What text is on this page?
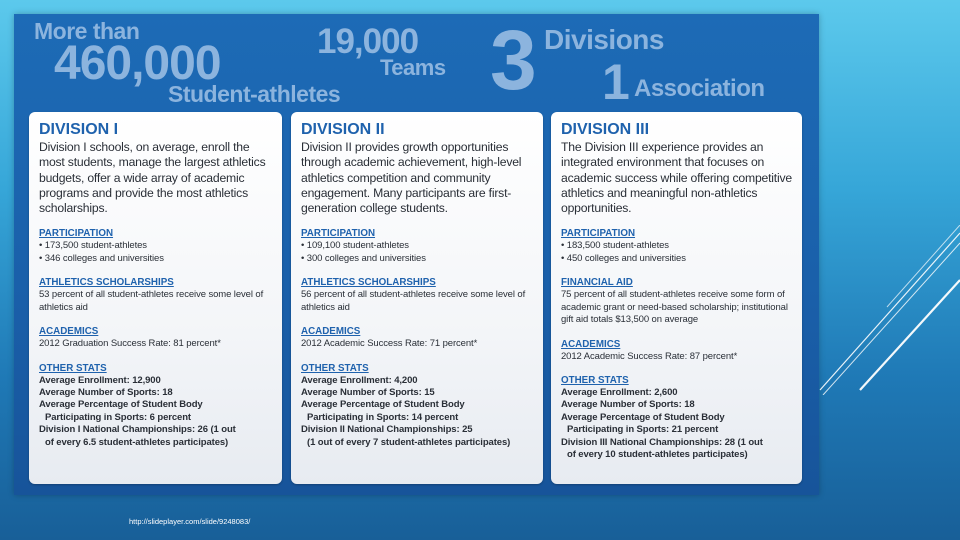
More than
460,000
Student-athletes
19,000
Teams 3 Divisions
1 Association
DIVISION I
Division I schools, on average, enroll the most students, manage the largest athletics budgets, offer a wide array of academic programs and provide the most athletics scholarships.
PARTICIPATION
• 173,500 student-athletes
• 346 colleges and universities
ATHLETICS SCHOLARSHIPS
53 percent of all student-athletes receive some level of athletics aid
ACADEMICS
2012 Graduation Success Rate: 81 percent*
OTHER STATS
Average Enrollment: 12,900
Average Number of Sports: 18
Average Percentage of Student Body
Participating in Sports: 6 percent
Division I National Championships: 26 (1 out
of every 6.5 student-athletes participates)
DIVISION II
Division II provides growth opportunities through academic achievement, high-level athletics competition and community engagement. Many participants are first-generation college students.
PARTICIPATION
• 109,100 student-athletes
• 300 colleges and universities
ATHLETICS SCHOLARSHIPS
56 percent of all student-athletes receive some level of athletics aid
ACADEMICS
2012 Academic Success Rate: 71 percent*
OTHER STATS
Average Enrollment: 4,200
Average Number of Sports: 15
Average Percentage of Student Body
Participating in Sports: 14 percent
Division II National Championships: 25
(1 out of every 7 student-athletes participates)
DIVISION III
The Division III experience provides an integrated environment that focuses on academic success while offering competitive athletics and meaningful non-athletics opportunities.
PARTICIPATION
• 183,500 student-athletes
• 450 colleges and universities
FINANCIAL AID
75 percent of all student-athletes receive some form of academic grant or need-based scholarship; institutional gift aid totals $13,500 on average
ACADEMICS
2012 Academic Success Rate: 87 percent*
OTHER STATS
Average Enrollment: 2,600
Average Number of Sports: 18
Average Percentage of Student Body
Participating in Sports: 21 percent
Division III National Championships: 28 (1 out
of every 10 student-athletes participates)
http://slideplayer.com/slide/9248083/
